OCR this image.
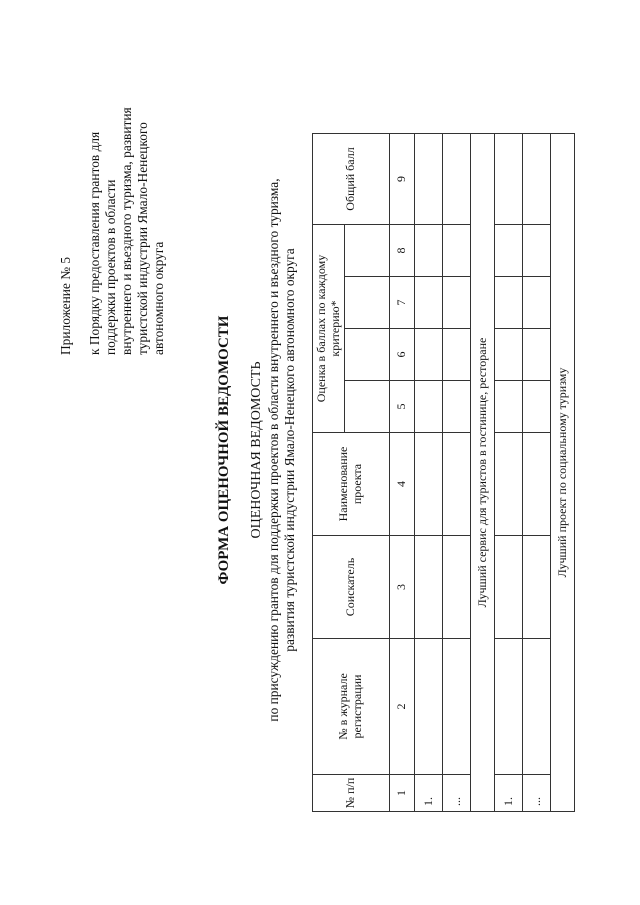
Приложение № 5 к Порядку предоставления грантов для поддержки проектов в области внутреннего и въездного туризма, развития туристской индустрии Ямало-Ненецкого автономного округа
ФОРМА ОЦЕНОЧНОЙ ВЕДОМОСТИ ОЦЕНОЧНАЯ ВЕДОМОСТЬ по присуждению грантов для поддержки проектов в области внутреннего и въездного туризма, развития туристской индустрии Ямало-Ненецкого автономного округа
№ п/п	№ в журнале регистрации	Соискатель	Наименование проекта	Оценка в баллах по каждому критерию*				Общий балл

1	2	3	4	5	6	7	8	9
1.								
...								
Лучший сервис для туристов в гостинице, ресторане								
1.								
...								
Лучший проект по социальному туризму								
